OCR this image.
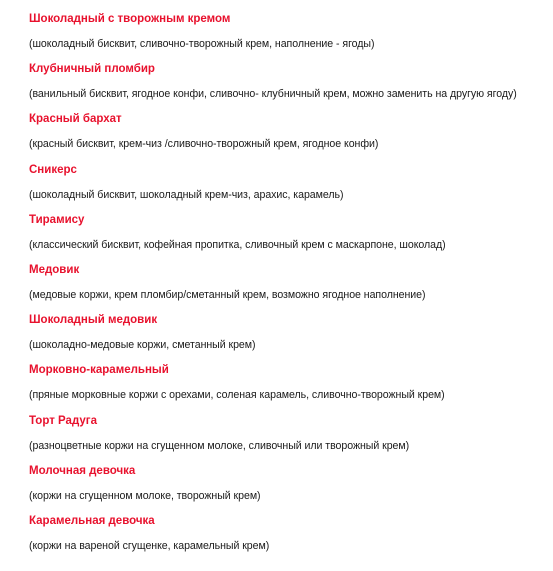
Шоколадный с творожным кремом
(шоколадный бисквит, сливочно-творожный крем, наполнение - ягоды)
Клубничный пломбир
(ванильный бисквит, ягодное конфи, сливочно- клубничный крем, можно заменить на другую ягоду)
Красный бархат
(красный бисквит, крем-чиз /сливочно-творожный крем, ягодное конфи)
Сникерс
(шоколадный бисквит, шоколадный крем-чиз, арахис, карамель)
Тирамису
(классический бисквит, кофейная пропитка, сливочный крем с маскарпоне, шоколад)
Медовик
(медовые коржи, крем пломбир/сметанный крем, возможно ягодное наполнение)
Шоколадный медовик
(шоколадно-медовые коржи, сметанный крем)
Морковно-карамельный
(пряные морковные коржи с орехами, соленая карамель, сливочно-творожный крем)
Торт Радуга
(разноцветные коржи на сгущенном молоке, сливочный или творожный крем)
Молочная девочка
(коржи на сгущенном молоке, творожный крем)
Карамельная девочка
(коржи на вареной сгущенке, карамельный крем)
